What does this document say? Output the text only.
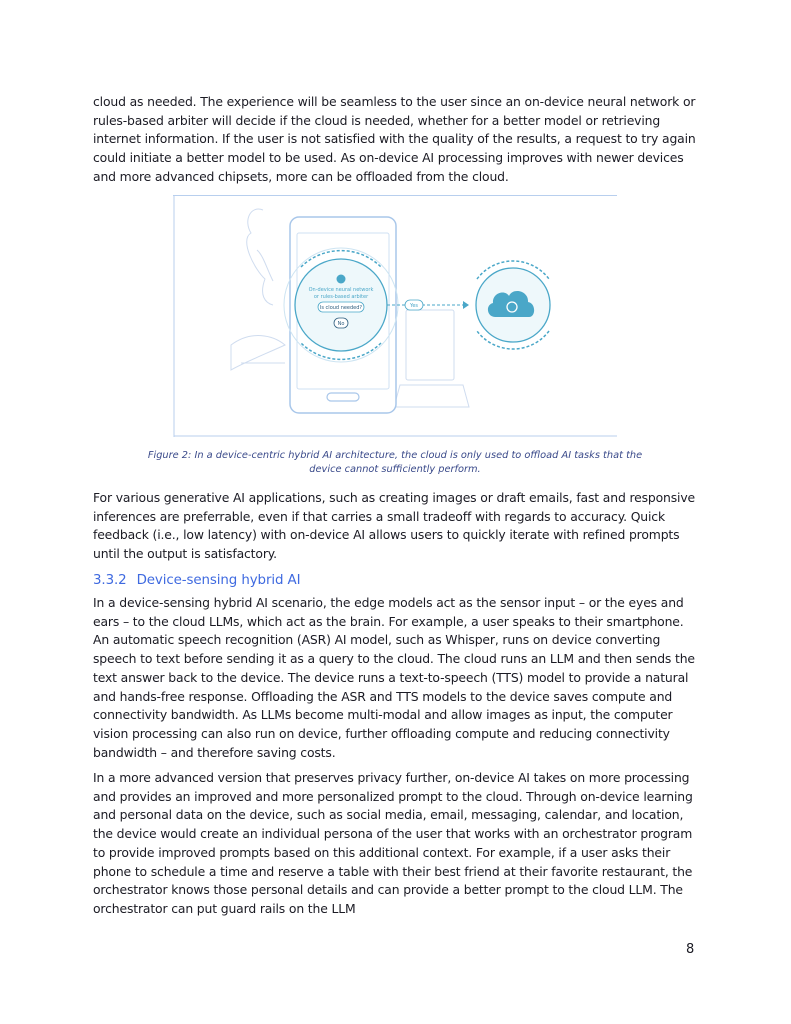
cloud as needed. The experience will be seamless to the user since an on-device neural network or rules-based arbiter will decide if the cloud is needed, whether for a better model or retrieving internet information. If the user is not satisfied with the quality of the results, a request to try again could initiate a better model to be used. As on-device AI processing improves with newer devices and more advanced chipsets, more can be offloaded from the cloud.

On-device neural network
or rules-based arbiter
Is cloud needed?
No
Yes

Figure 2: In a device-centric hybrid AI architecture, the cloud is only used to offload AI tasks that the device cannot sufficiently perform.

For various generative AI applications, such as creating images or draft emails, fast and responsive inferences are preferrable, even if that carries a small tradeoff with regards to accuracy. Quick feedback (i.e., low latency) with on-device AI allows users to quickly iterate with refined prompts until the output is satisfactory.

3.3.2 Device-sensing hybrid AI

In a device-sensing hybrid AI scenario, the edge models act as the sensor input – or the eyes and ears – to the cloud LLMs, which act as the brain. For example, a user speaks to their smartphone. An automatic speech recognition (ASR) AI model, such as Whisper, runs on device converting speech to text before sending it as a query to the cloud. The cloud runs an LLM and then sends the text answer back to the device. The device runs a text-to-speech (TTS) model to provide a natural and hands-free response. Offloading the ASR and TTS models to the device saves compute and connectivity bandwidth. As LLMs become multi-modal and allow images as input, the computer vision processing can also run on device, further offloading compute and reducing connectivity bandwidth – and therefore saving costs.

In a more advanced version that preserves privacy further, on-device AI takes on more processing and provides an improved and more personalized prompt to the cloud. Through on-device learning and personal data on the device, such as social media, email, messaging, calendar, and location, the device would create an individual persona of the user that works with an orchestrator program to provide improved prompts based on this additional context. For example, if a user asks their phone to schedule a time and reserve a table with their best friend at their favorite restaurant, the orchestrator knows those personal details and can provide a better prompt to the cloud LLM. The orchestrator can put guard rails on the LLM

8
